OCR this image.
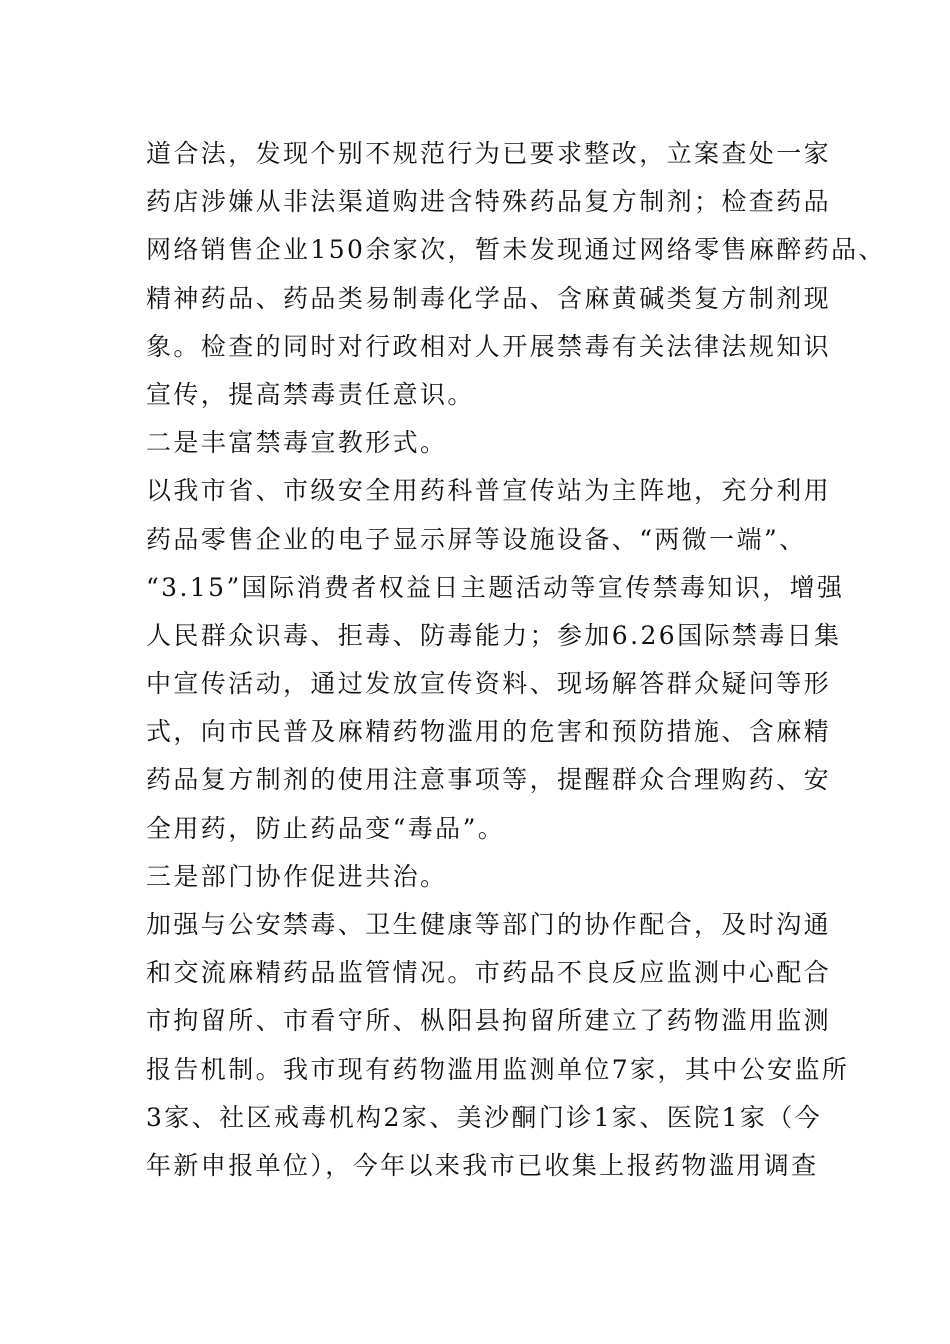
道合法，发现个别不规范行为已要求整改，立案查处一家
药店涉嫌从非法渠道购进含特殊药品复方制剂；检查药品
网络销售企业150余家次，暂未发现通过网络零售麻醉药品、
精神药品、药品类易制毒化学品、含麻黄碱类复方制剂现
象。检查的同时对行政相对人开展禁毒有关法律法规知识
宣传，提高禁毒责任意识。
二是丰富禁毒宣教形式。
以我市省、市级安全用药科普宣传站为主阵地，充分利用
药品零售企业的电子显示屏等设施设备、“两微一端”、
“3.15”国际消费者权益日主题活动等宣传禁毒知识，增强
人民群众识毒、拒毒、防毒能力；参加6.26国际禁毒日集
中宣传活动，通过发放宣传资料、现场解答群众疑问等形
式，向市民普及麻精药物滥用的危害和预防措施、含麻精
药品复方制剂的使用注意事项等，提醒群众合理购药、安
全用药，防止药品变“毒品”。
三是部门协作促进共治。
加强与公安禁毒、卫生健康等部门的协作配合，及时沟通
和交流麻精药品监管情况。市药品不良反应监测中心配合
市拘留所、市看守所、枞阳县拘留所建立了药物滥用监测
报告机制。我市现有药物滥用监测单位7家，其中公安监所
3家、社区戒毒机构2家、美沙酮门诊1家、医院1家（今
年新申报单位），今年以来我市已收集上报药物滥用调查
